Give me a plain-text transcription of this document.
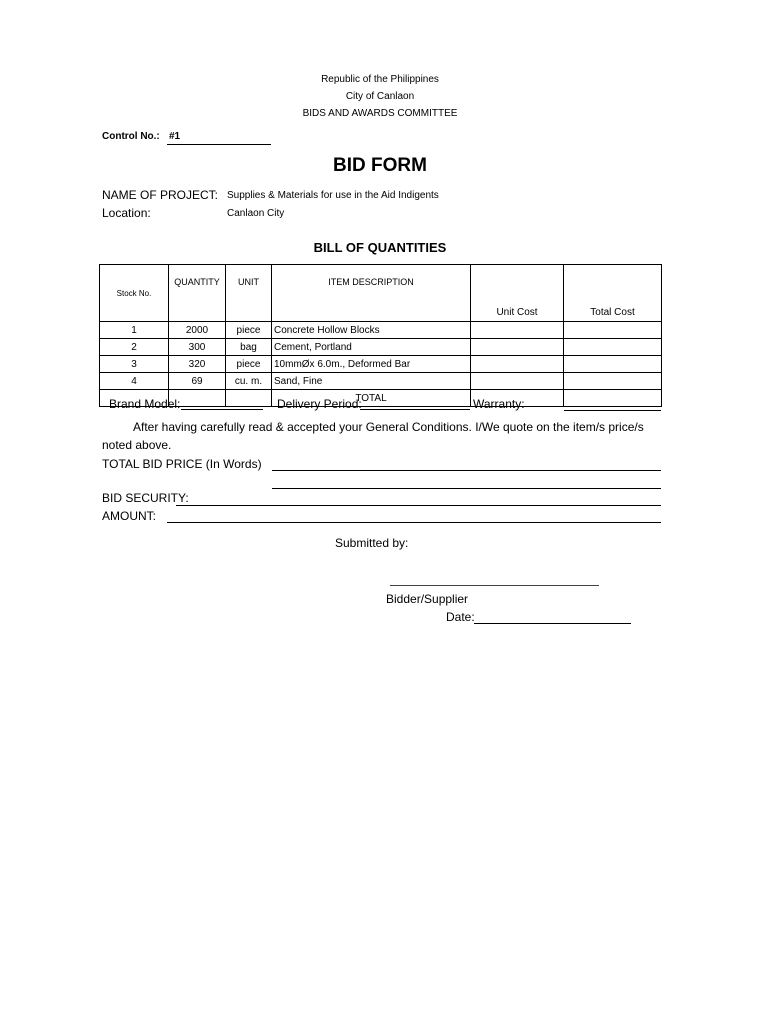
Republic of the Philippines
City of Canlaon
BIDS AND AWARDS COMMITTEE
Control No.: #1
BID FORM
NAME OF PROJECT: Supplies & Materials for use in the Aid Indigents
Location:	Canlaon City
BILL OF QUANTITIES
Stock No.	QUANTITY	UNIT	ITEM DESCRIPTION	Unit Cost	Total Cost
1	2000	piece	Concrete Hollow Blocks		
2	300	bag	Cement, Portland		
3	320	piece	10mmØx 6.0m., Deformed Bar		
4	69	cu. m.	Sand, Fine		
			TOTAL		
Brand Model:	Delivery Period:	Warranty:
After having carefully read & accepted your General Conditions. I/We quote on the item/s price/s
noted above.
TOTAL BID PRICE (In Words)
BID SECURITY:
AMOUNT:
Submitted by:
Bidder/Supplier
Date:
